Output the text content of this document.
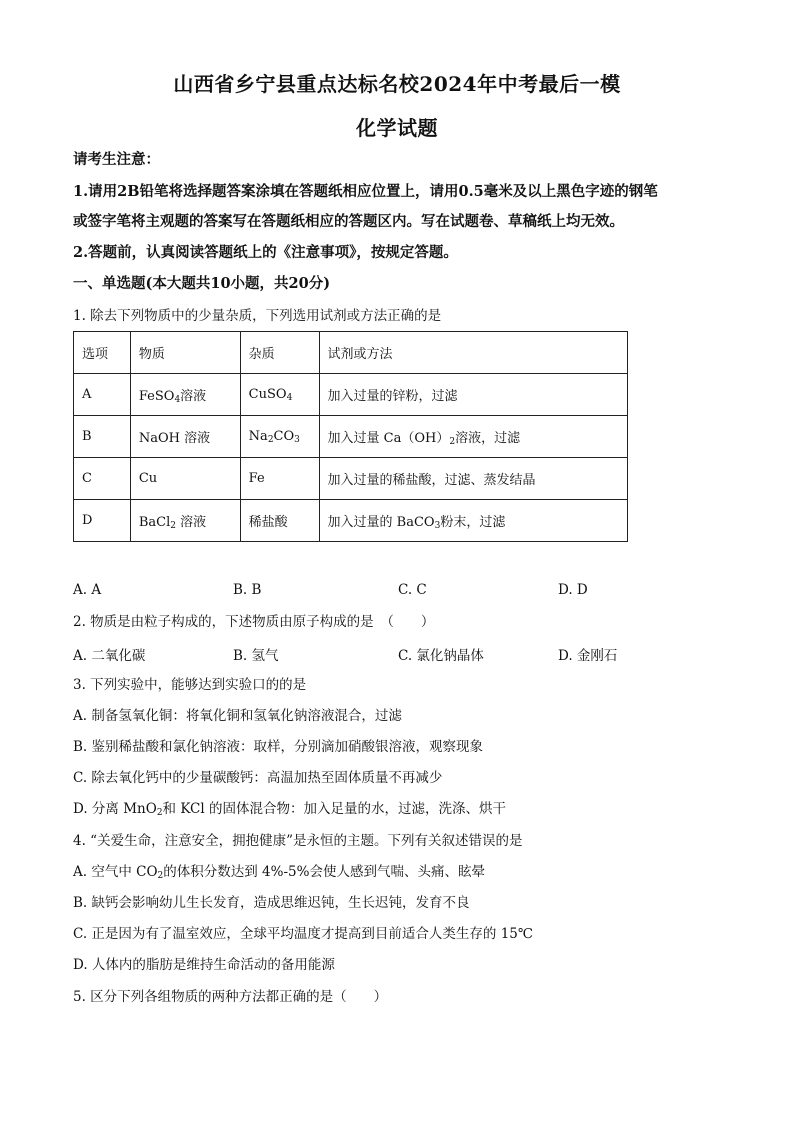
山西省乡宁县重点达标名校2024年中考最后一模
化学试题
请考生注意：
1.请用2B铅笔将选择题答案涂填在答题纸相应位置上，请用0.5毫米及以上黑色字迹的钢笔
或签字笔将主观题的答案写在答题纸相应的答题区内。写在试题卷、草稿纸上均无效。
2.答题前，认真阅读答题纸上的《注意事项》，按规定答题。
一、单选题(本大题共10小题，共20分)
1. 除去下列物质中的少量杂质，下列选用试剂或方法正确的是
选项	物质	杂质	试剂或方法
A	FeSO$_4$溶液	CuSO$_4$	加入过量的锌粉，过滤
B	NaOH 溶液	$Na_2CO_3$	加入过量 $Ca(OH)_2$溶液，过滤
C	Cu	Fe	加入过量的稀盐酸，过滤、蒸发结晶
D	BaCl$_2$ 溶液	稀盐酸	加入过量的 BaCO$_3$粉末，过滤
A. A	B. B	C. C	D. D
2. 物质是由粒子构成的，下述物质由原子构成的是　（　　）
A. 二氧化碳	B. 氢气	C. 氯化钠晶体	D. 金刚石
3. 下列实验中，能够达到实验口的的是
A. 制备氢氧化铜：将氧化铜和氢氧化钠溶液混合，过滤
B. 鉴别稀盐酸和氯化钠溶液：取样，分别滴加硝酸银溶液，观察现象
C. 除去氧化钙中的少量碳酸钙：高温加热至固体质量不再减少
D. 分离 MnO$_2$和 KCl 的固体混合物：加入足量的水，过滤，洗涤、烘干
4. “关爱生命，注意安全，拥抱健康”是永恒的主题。下列有关叙述错误的是
A. 空气中 $CO_2$的体积分数达到 4%-5%会使人感到气喘、头痛、眩晕
B. 缺钙会影响幼儿生长发育，造成思维迟钝，生长迟钝，发育不良
C. 正是因为有了温室效应，全球平均温度才提高到目前适合人类生存的 15℃
D. 人体内的脂肪是维持生命活动的备用能源
5. 区分下列各组物质的两种方法都正确的是（　　）
